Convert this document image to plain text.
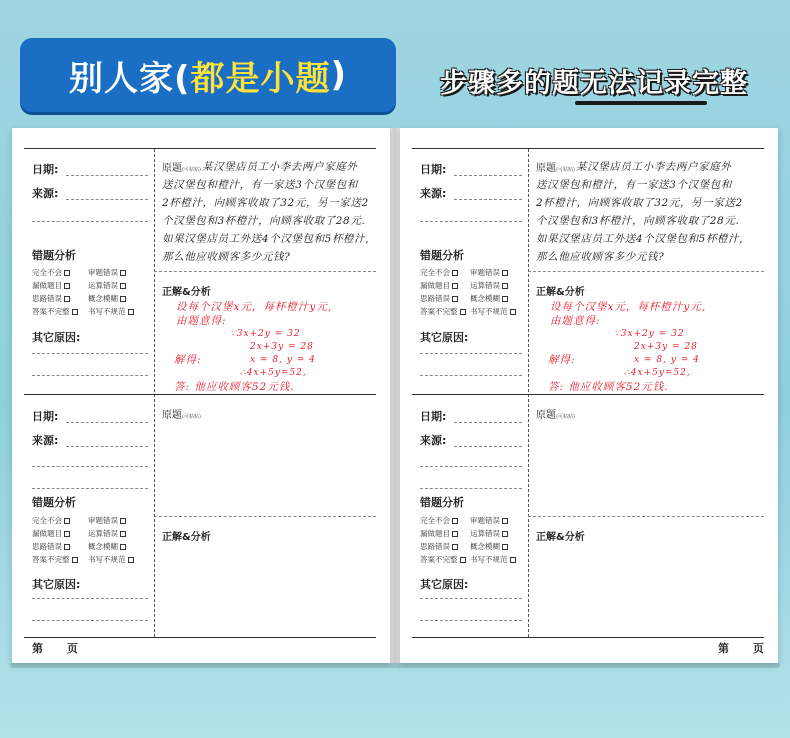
别人家( 都是小题 )	步骤多的题无法记录完整
日期:
来源:
错题分析
完全不会	审题错误
漏做题目	运算错误
思路错误	概念模糊
答案不完整	书写不规范
其它原因:
原题(可粘贴) 某汉堡店员工小李去两户家庭外
送汉堡包和橙汁，有一家送3个汉堡包和
2杯橙汁，向顾客收取了32元，另一家送2
个汉堡包和3杯橙汁，向顾客收取了28元.
如果汉堡店员工外送4个汉堡包和5杯橙汁,
那么他应收顾客多少元钱?
正解&分析
设每个汉堡x元，每杯橙汁y元,
由题意得:
∵3x+2y = 32
2x+3y = 28
解得:	x = 8, y = 4
∴4x+5y=52,
答: 他应收顾客52元钱.
日期:
来源:
错题分析
完全不会	审题错误
漏做题目	运算错误
思路错误	概念模糊
答案不完整	书写不规范
其它原因:
原题(可粘贴)
正解&分析
第 页
日期:
来源:
错题分析
完全不会	审题错误
漏做题目	运算错误
思路错误	概念模糊
答案不完整	书写不规范
其它原因:
原题(可粘贴) 某汉堡店员工小李去两户家庭外
送汉堡包和橙汁，有一家送3个汉堡包和
2杯橙汁，向顾客收取了32元，另一家送2
个汉堡包和3杯橙汁，向顾客收取了28元.
如果汉堡店员工外送4个汉堡包和5杯橙汁,
那么他应收顾客多少元钱?
正解&分析
设每个汉堡x元，每杯橙汁y元,
由题意得:
∵3x+2y = 32
2x+3y = 28
解得:	x = 8, y = 4
∴4x+5y=52,
答: 他应收顾客52元钱.
日期:
来源:
错题分析
完全不会	审题错误
漏做题目	运算错误
思路错误	概念模糊
答案不完整	书写不规范
其它原因:
原题(可粘贴)
正解&分析
第 页
